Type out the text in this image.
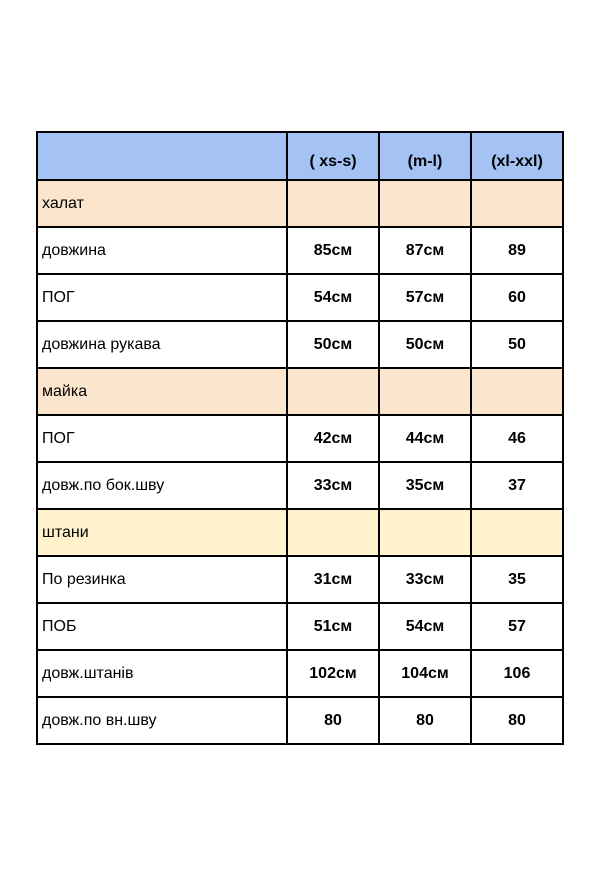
	( xs-s)	(m-l)	(xl-xxl)
халат			
довжина	85см	87см	89
ПОГ	54см	57см	60
довжина рукава	50см	50см	50
майка			
ПОГ	42см	44см	46
довж.по бок.шву	33см	35см	37
штани			
По резинка	31см	33см	35
ПОБ	51см	54см	57
довж.штанів	102см	104см	106
довж.по вн.шву	80	80	80
